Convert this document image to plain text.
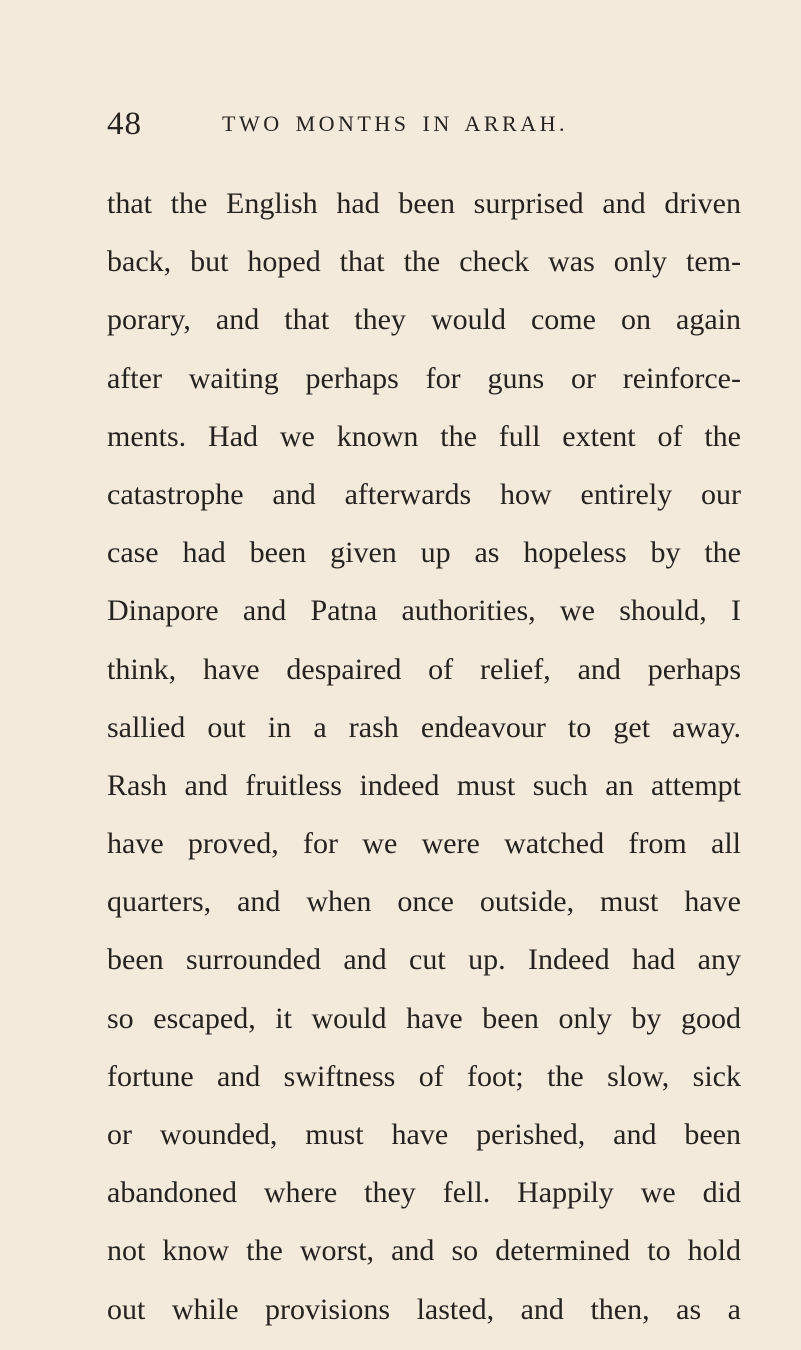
48	TWO MONTHS IN ARRAH.
that the English had been surprised and driven
back, but hoped that the check was only tem-
porary, and that they would come on again
after waiting perhaps for guns or reinforce-
ments. Had we known the full extent of the
catastrophe and afterwards how entirely our
case had been given up as hopeless by the
Dinapore and Patna authorities, we should, I
think, have despaired of relief, and perhaps
sallied out in a rash endeavour to get away.
Rash and fruitless indeed must such an attempt
have proved, for we were watched from all
quarters, and when once outside, must have
been surrounded and cut up. Indeed had any
so escaped, it would have been only by good
fortune and swiftness of foot; the slow, sick
or wounded, must have perished, and been
abandoned where they fell. Happily we did
not know the worst, and so determined to hold
out while provisions lasted, and then, as a
